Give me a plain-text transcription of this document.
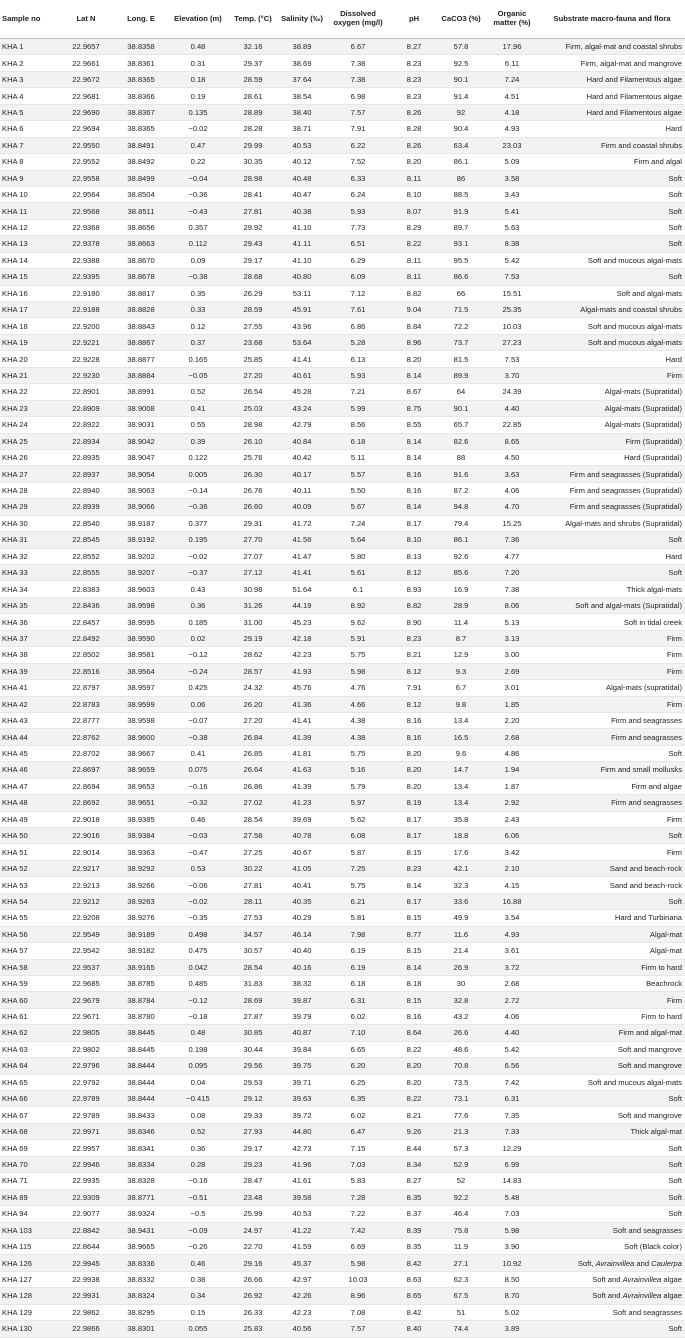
Sample no	Lat N	Long. E	Elevation (m)	Temp. (°C)	Salinity (‰)	Dissolved oxygen (mg/l)	pH	CaCO3 (%)	Organic matter (%)	Substrate macro-fauna and flora
KHA 1	22.9657	38.8358	0.48	32.16	38.89	6.67	8.27	57.8	17.96	Firm, algal-mat and coastal shrubs
KHA 2	22.9661	38.8361	0.31	29.37	38.69	7.38	8.23	92.5	6.11	Firm, algal-mat and mangrove
KHA 3	22.9672	38.8365	0.18	28.59	37.64	7.38	8.23	90.1	7.24	Hard and Filamentous algae
KHA 4	22.9681	38.8366	0.19	28.61	38.54	6.98	8.23	91.4	4.51	Hard and Filamentous algae
KHA 5	22.9690	38.8367	0.135	28.89	38.40	7.57	8.26	92	4.18	Hard and Filamentous algae
KHA 6	22.9694	38.8365	−0.02	28.28	38.71	7.91	8.28	90.4	4.93	Hard
KHA 7	22.9550	38.8491	0.47	29.99	40.53	6.22	8.26	63.4	23.03	Firm and coastal shrubs
KHA 8	22.9552	38.8492	0.22	30.35	40.12	7.52	8.20	86.1	5.09	Firm and algal
KHA 9	22.9558	38.8499	−0.04	28.98	40.48	6.33	8.11	86	3.58	Soft
KHA 10	22.9564	38.8504	−0.36	28.41	40.47	6.24	8.10	88.5	3.43	Soft
KHA 11	22.9568	38.8511	−0.43	27.81	40.38	5.93	8.07	91.9	5.41	Soft
KHA 12	22.9368	38.8656	0.357	29.92	41.10	7.73	8.29	89.7	5.63	Soft
KHA 13	22.9378	38.8663	0.112	29.43	41.11	6.51	8.22	93.1	8.38	Soft
KHA 14	22.9388	38.8670	0.09	29.17	41.10	6.29	8.11	95.5	5.42	Soft and mucous algal-mats
KHA 15	22.9395	38.8678	−0.38	28.68	40.80	6.09	8.11	86.6	7.53	Soft
KHA 16	22.9180	38.8817	0.35	26.29	53.11	7.12	8.82	66	15.51	Soft and algal-mats
KHA 17	22.9188	38.8828	0.33	28.59	45.91	7.61	9.04	71.5	25.35	Algal-mats and coastal shrubs
KHA 18	22.9200	38.8843	0.12	27.55	43.96	6.86	8.84	72.2	10.03	Soft and mucous algal-mats
KHA 19	22.9221	38.8867	0.37	23.68	53.64	5.28	8.96	73.7	27.23	Soft and mucous algal-mats
KHA 20	22.9228	38.8877	0.165	25.85	41.41	6.13	8.20	81.5	7.53	Hard
KHA 21	22.9230	38.8884	−0.05	27.20	40.61	5.93	8.14	89.9	3.70	Firm
KHA 22	22.8901	38.8991	0.52	26.54	45.28	7.21	8.67	64	24.39	Algal-mats (Supratidal)
KHA 23	22.8909	38.9008	0.41	25.03	43.24	5.99	8.75	90.1	4.40	Algal-mats (Supratidal)
KHA 24	22.8922	38.9031	0.55	28.98	42.79	8.56	8.55	65.7	22.85	Algal-mats (Supratidal)
KHA 25	22.8934	38.9042	0.39	26.10	40.84	6.18	8.14	82.6	8.65	Firm (Supratidal)
KHA 26	22.8935	38.9047	0.122	25.76	40.42	5.11	8.14	88	4.50	Hard (Supratidal)
KHA 27	22.8937	38.9054	0.005	26.30	40.17	5.57	8.16	91.6	3.63	Firm and seagrasses (Supratidal)
KHA 28	22.8940	38.9063	−0.14	26.76	40.11	5.50	8.16	87.2	4.06	Firm and seagrasses (Supratidal)
KHA 29	22.8939	38.9066	−0.36	26.60	40.09	5.67	8.14	94.8	4.70	Firm and seagrasses (Supratidal)
KHA 30	22.8540	38.9187	0.377	29.31	41.72	7.24	8.17	79.4	15.25	Algal-mats and shrubs (Supratidal)
KHA 31	22.8545	38.9192	0.195	27.70	41.56	5.64	8.10	86.1	7.36	Soft
KHA 32	22.8552	38.9202	−0.02	27.07	41.47	5.80	8.13	92.6	4.77	Hard
KHA 33	22.8555	38.9207	−0.37	27.12	41.41	5.61	8.12	85.6	7.20	Soft
KHA 34	22.8383	38.9603	0.43	30.98	51.64	6.1	8.93	16.9	7.38	Thick algal-mats
KHA 35	22.8436	38.9598	0.36	31.26	44.19	8.92	8.82	28.9	8.06	Soft and algal-mats (Supratidal)
KHA 36	22.8457	38.9595	0.185	31.00	45.23	9.62	8.90	11.4	5.13	Soft in tidal creek
KHA 37	22.8492	38.9590	0.02	29.19	42.18	5.91	8.23	8.7	3.13	Firm
KHA 38	22.8502	38.9581	−0.12	28.62	42.23	5.75	8.21	12.9	3.00	Firm
KHA 39	22.8516	38.9564	−0.24	28.57	41.93	5.98	8.12	9.3	2.69	Firm
KHA 41	22.8797	38.9597	0.425	24.32	45.76	4.76	7.91	6.7	3.01	Algal-mats (supratidal)
KHA 42	22.8783	38.9599	0.06	26.20	41.36	4.66	8.12	9.8	1.85	Firm
KHA 43	22.8777	38.9598	−0.07	27.20	41.41	4.38	8.16	13.4	2.20	Firm and seagrasses
KHA 44	22.8762	38.9600	−0.38	26.84	41.39	4.38	8.16	16.5	2.68	Firm and seagrasses
KHA 45	22.8702	38.9667	0.41	26.85	41.81	5.75	8.20	9.6	4.86	Soft
KHA 46	22.8697	38.9659	0.075	26.64	41.63	5.16	8.20	14.7	1.94	Firm and small mollusks
KHA 47	22.8694	38.9653	−0.16	26.86	41.39	5.79	8.20	13.4	1.87	Firm and algae
KHA 48	22.8692	38.9651	−0.32	27.02	41.23	5.97	8.19	13.4	2.92	Firm and seagrasses
KHA 49	22.9018	38.9385	0.46	28.54	39.69	5.62	8.17	35.8	2.43	Firm
KHA 50	22.9016	38.9384	−0.03	27.58	40.78	6.08	8.17	18.8	6.06	Soft
KHA 51	22.9014	38.9363	−0.47	27.25	40.67	5.87	8.15	17.6	3.42	Firm
KHA 52	22.9217	38.9292	0.53	30.22	41.05	7.25	8.23	42.1	2.10	Sand and beach-rock
KHA 53	22.9213	38.9266	−0.06	27.81	40.41	5.75	8.14	32.3	4.15	Sand and beach-rock
KHA 54	22.9212	38.9263	−0.02	28.11	40.35	6.21	8.17	33.6	16.88	Soft
KHA 55	22.9208	38.9276	−0.35	27.53	40.29	5.81	8.15	49.9	3.54	Hard and Turbinaria
KHA 56	22.9549	38.9189	0.498	34.57	46.14	7.98	8.77	11.6	4.93	Algal-mat
KHA 57	22.9542	38.9182	0.475	30.57	40.40	6.19	8.15	21.4	3.61	Algal-mat
KHA 58	22.9537	38.9165	0.042	28.54	40.16	6.19	8.14	26.9	3.72	Firm to hard
KHA 59	22.9685	38.8785	0.485	31.83	38.32	6.18	8.18	30	2.68	Beachrock
KHA 60	22.9679	38.8784	−0.12	28.69	39.87	6.31	8.15	32.8	2.72	Firm
KHA 61	22.9671	38.8780	−0.18	27.87	39.79	6.02	8.16	43.2	4.06	Firm to hard
KHA 62	22.9805	38.8445	0.48	30.85	40.87	7.10	8.64	26.6	4.40	Firm and algal-mat
KHA 63	22.9802	38.8445	0.198	30.44	39.84	6.65	8.22	48.6	5.42	Soft and mangrove
KHA 64	22.9796	38.8444	0.095	29.56	39.75	6.20	8.20	70.8	6.56	Soft and mangrove
KHA 65	22.9792	38.8444	0.04	29.53	39.71	6.25	8.20	73.5	7.42	Soft and mucous algal-mats
KHA 66	22.9789	38.8444	−0.415	29.12	39.63	6.35	8.22	73.1	6.31	Soft
KHA 67	22.9789	38.8433	0.08	29.33	39.72	6.02	8.21	77.6	7.35	Soft and mangrove
KHA 68	22.9971	38.8346	0.52	27.93	44.80	6.47	9.26	21.3	7.33	Thick algal-mat
KHA 69	22.9957	38.8341	0.36	29.17	42.73	7.15	8.44	57.3	12.29	Soft
KHA 70	22.9946	38.8334	0.28	29.23	41.96	7.03	8.34	52.9	6.99	Soft
KHA 71	22.9935	38.8328	−0.16	28.47	41.61	5.83	8.27	52	14.83	Soft
KHA 89	22.9309	38.8771	−0.51	23.48	39.58	7.28	8.35	92.2	5.48	Soft
KHA 94	22.9077	38.9324	−0.5	25.99	40.53	7.22	8.37	46.4	7.03	Soft
KHA 103	22.8842	38.9431	−0.09	24.97	41.22	7.42	8.39	75.8	5.98	Soft and seagrasses
KHA 115	22.8644	38.9665	−0.26	22.70	41.59	6.69	8.35	11.9	3.90	Soft (Black color)
KHA 126	22.9945	38.8336	0.46	29.16	45.37	5.98	8.42	27.1	10.92	Soft, Avrainvillea and Caulerpa
KHA 127	22.9938	38.8332	0.38	26.66	42.97	10.03	8.63	62.3	8.50	Soft and Avrainvillea algae
KHA 128	22.9931	38.8324	0.34	26.92	42.26	8.96	8.65	67.5	8.70	Soft and Avrainvillea algae
KHA 129	22.9862	38.8295	0.15	26.33	42.23	7.08	8.42	51	5.02	Soft and seagrasses
KHA 130	22.9866	38.8301	0.055	25.83	40.56	7.57	8.40	74.4	3.89	Soft
